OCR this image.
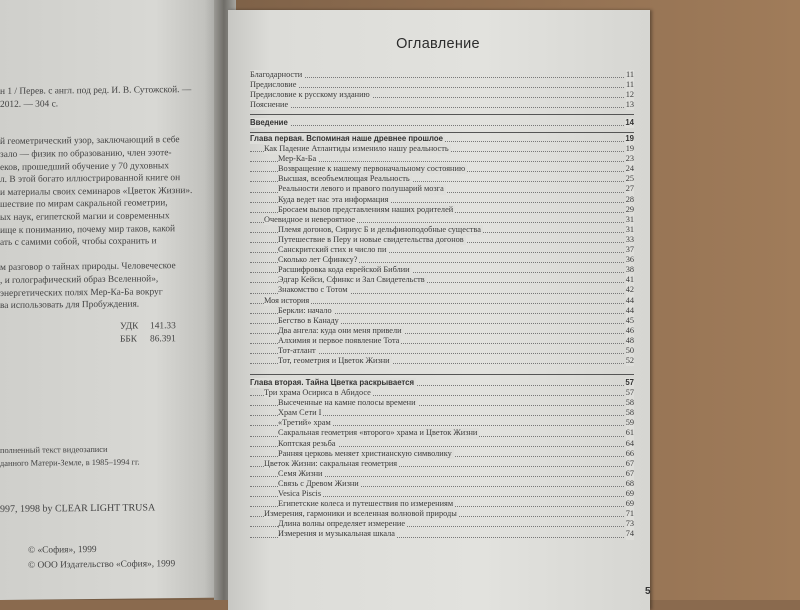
н 1 / Перев. с англ. под ред. И. В. Сутожской. —
2012. — 304 с.
й геометрический узор, заключающий в себе
зало — физик по образованию, член эзоте-
еков, прошедший обучение у 70 духовных
л. В этой богато иллюстрированной книге он
и материалы своих семинаров «Цветок Жизни».
шествие по мирам сакральной геометрии,
ых наук, египетской магии и современных
ище к пониманию, почему мир таков, какой
ать с самими собой, чтобы сохранить и
м разговор о тайнах природы. Человеческое
, и голографический образ Вселенной»,
энергетических полях Мер-Ка-Ба вокруг
ва использовать для Пробуждения.
УДК 141.33
ББК 86.391
полненный текст видеозаписи
данного Матери-Земле, в 1985–1994 гг.
997, 1998 by CLEAR LIGHT TRUSA
© «София», 1999
© ООО Издательство «София», 1999
Оглавление
Благодарности	11
Предисловие	11
Предисловие к русскому изданию	12
Пояснение	13
Введение	14
Глава первая. Вспоминая наше древнее прошлое	19
Как Падение Атлантиды изменило нашу реальность	19
Мер-Ка-Ба	23
Возвращение к нашему первоначальному состоянию	24
Высшая, всеобъемлющая Реальность	25
Реальности левого и правого полушарий мозга	27
Куда ведет нас эта информация	28
Бросаем вызов представлениям наших родителей	29
Очевидное и невероятное	31
Племя догонов, Сириус Б и дельфиноподобные существа	31
Путешествие в Перу и новые свидетельства догонов	33
Санскритский стих и число пи	37
Сколько лет Сфинксу?	36
Расшифровка кода еврейской Библии	38
Эдгар Кейси, Сфинкс и Зал Свидетельств	41
Знакомство с Тотом	42
Моя история	44
Беркли: начало	44
Бегство в Канаду	45
Два ангела: куда они меня привели	46
Алхимия и первое появление Тота	48
Тот-атлант	50
Тот, геометрия и Цветок Жизни	52
Глава вторая. Тайна Цветка раскрывается	57
Три храма Осириса в Абидосе	57
Высеченные на камне полосы времени	58
Храм Сети I	58
«Третий» храм	59
Сакральная геометрия «второго» храма и Цветок Жизни	61
Коптская резьба	64
Ранняя церковь меняет христианскую символику	66
Цветок Жизни: сакральная геометрия	67
Семя Жизни	67
Связь с Древом Жизни	68
Vesica Piscis	69
Египетские колеса и путешествия по измерениям	69
Измерения, гармоники и вселенная волновой природы	71
Длина волны определяет измерение	73
Измерения и музыкальная шкала	74
5
